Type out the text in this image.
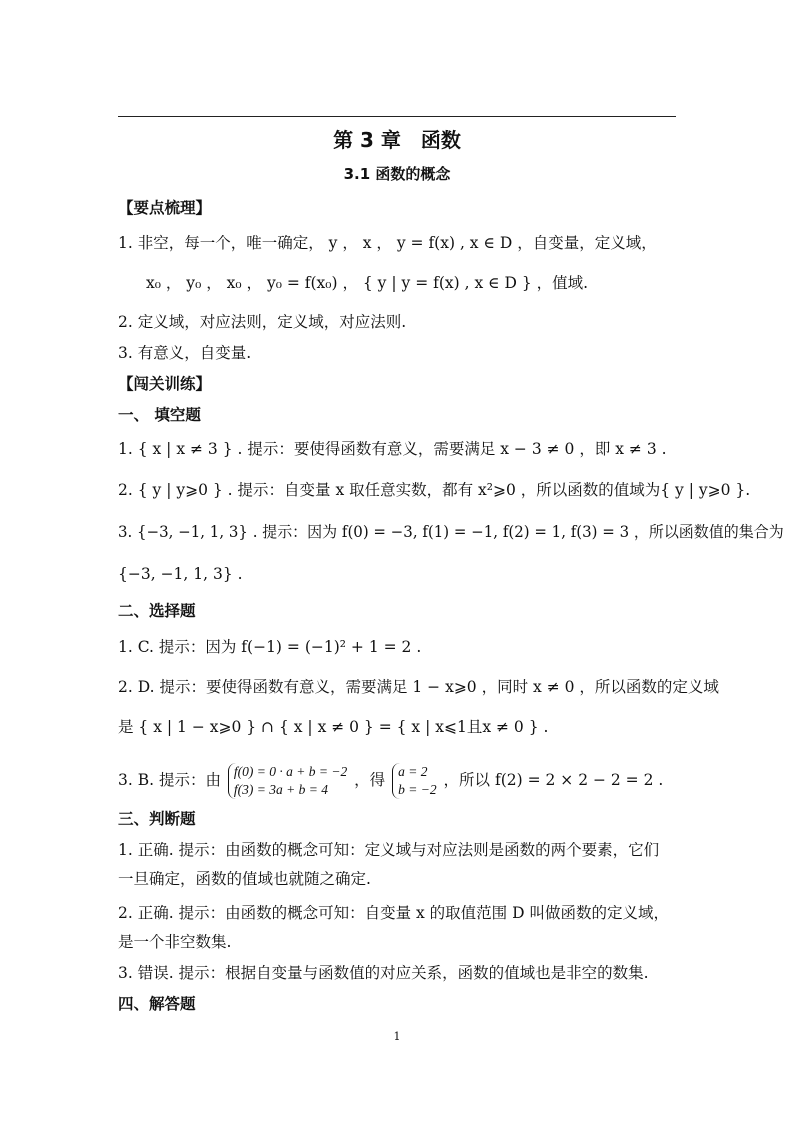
第 3 章　函数
3.1 函数的概念
【要点梳理】
1. 非空，每一个，唯一确定， y ， x ， y = f(x) , x ∈ D ，自变量，定义域，
x₀ ， y₀ ， x₀ ， y₀ = f(x₀) ， { y | y = f(x) , x ∈ D } ，值域.
2. 定义域，对应法则，定义域，对应法则.
3. 有意义，自变量.
【闯关训练】
一、 填空题
1. { x | x ≠ 3 } . 提示：要使得函数有意义，需要满足 x − 3 ≠ 0 ，即 x ≠ 3 .
2. { y | y⩾0 } . 提示：自变量 x 取任意实数，都有 x²⩾0 ，所以函数的值域为{ y | y⩾0 }.
3. {−3, −1, 1, 3} . 提示：因为 f(0) = −3, f(1) = −1, f(2) = 1, f(3) = 3 ，所以函数值的集合为
{−3, −1, 1, 3} .
二、选择题
1. C. 提示：因为 f(−1) = (−1)² + 1 = 2 .
2. D. 提示：要使得函数有意义，需要满足 1 − x⩾0 ，同时 x ≠ 0 ，所以函数的定义域
是 { x | 1 − x⩾0 } ∩ { x | x ≠ 0 } = { x | x⩽1且x ≠ 0 } .
3. B. 提示：由 f(0) = 0 · a + b = −2
f(3) = 3a + b = 4
，得 a = 2
b = −2
，所以 f(2) = 2 × 2 − 2 = 2 .
三、判断题
1. 正确. 提示：由函数的概念可知：定义域与对应法则是函数的两个要素，它们
一旦确定，函数的值域也就随之确定.
2. 正确. 提示：由函数的概念可知：自变量 x 的取值范围 D 叫做函数的定义域，
是一个非空数集.
3. 错误. 提示：根据自变量与函数值的对应关系，函数的值域也是非空的数集.
四、解答题
1
